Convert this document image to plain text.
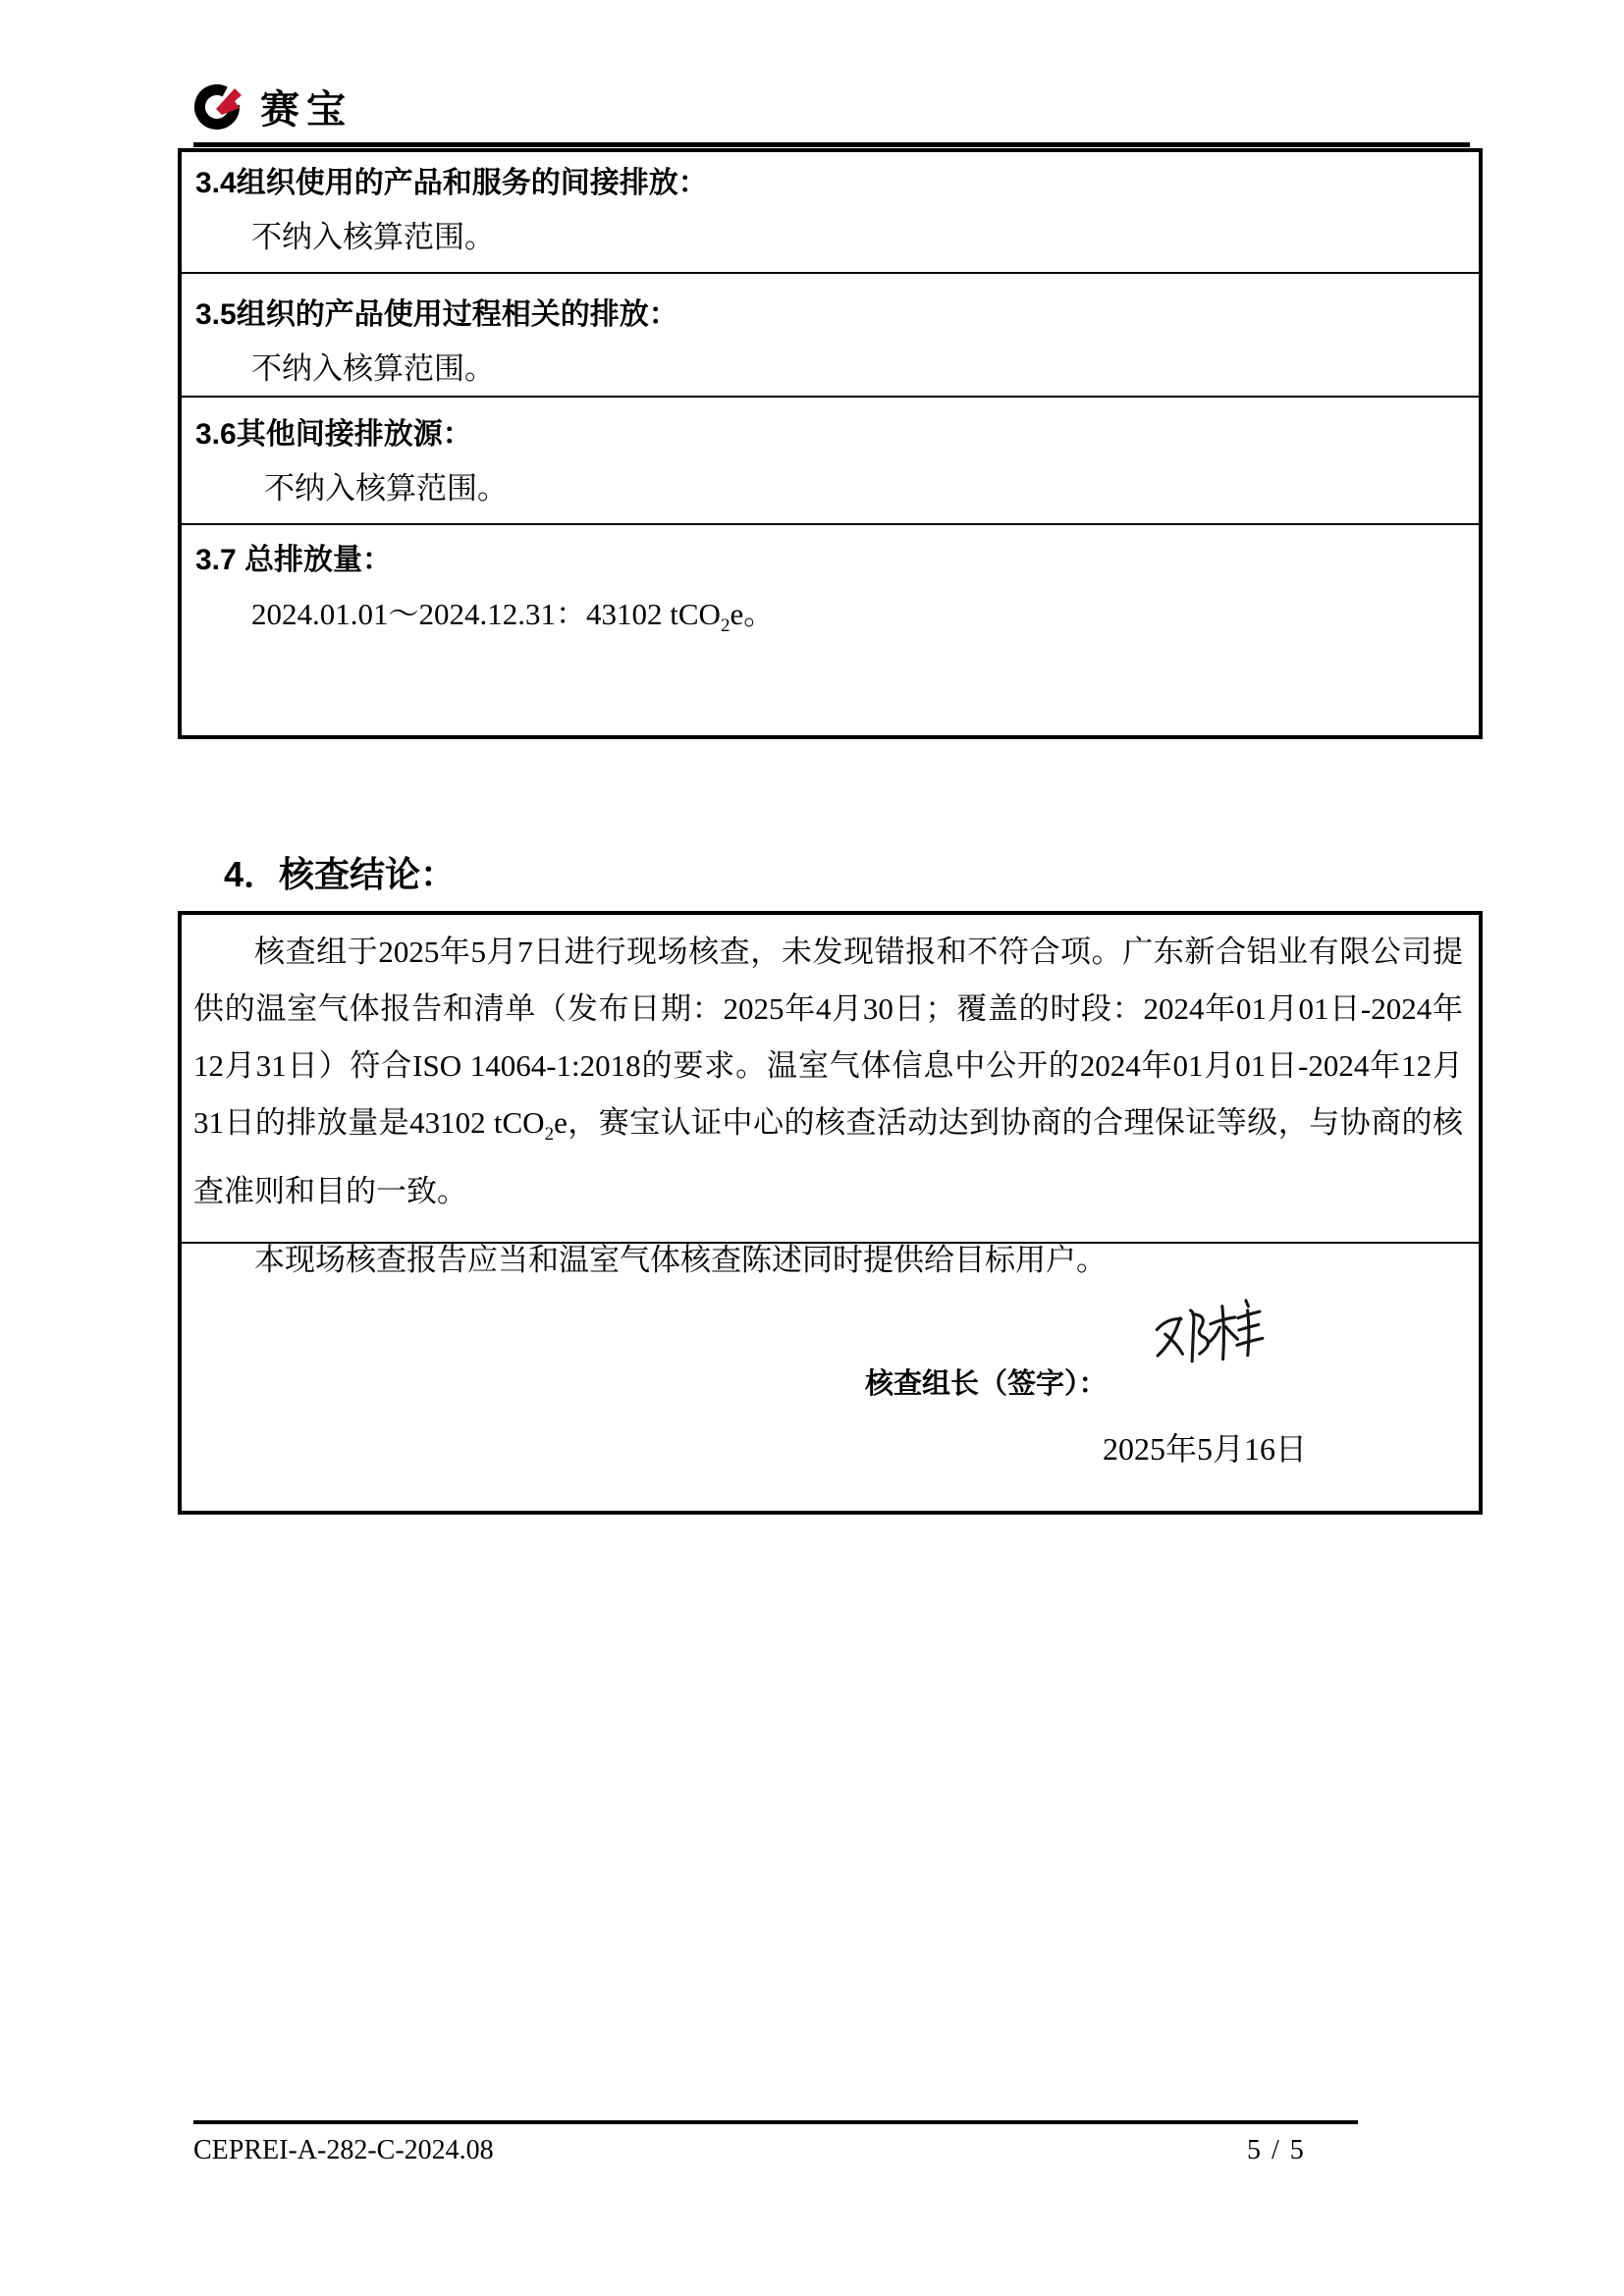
赛宝

3.4组织使用的产品和服务的间接排放：

不纳入核算范围。

3.5组织的产品使用过程相关的排放：

不纳入核算范围。

3.6其他间接排放源：

不纳入核算范围。

3.7 总排放量：

2024.01.01～2024.12.31：43102 tCO$_2$e。

4．核查结论：

核查组于2025年5月7日进行现场核查，未发现错报和不符合项。广东新合铝业有限公司提供的温室气体报告和清单（发布日期：2025年4月30日；覆盖的时段：2024年01月01日-2024年12月31日）符合ISO 14064-1:2018的要求。温室气体信息中公开的2024年01月01日-2024年12月31日的排放量是43102 tCO$_2$e，赛宝认证中心的核查活动达到协商的合理保证等级，与协商的核查准则和目的一致。

本现场核查报告应当和温室气体核查陈述同时提供给目标用户。

核查组长（签字）：
2025年5月16日
CEPREI-A-282-C-2024.08	5 / 5
